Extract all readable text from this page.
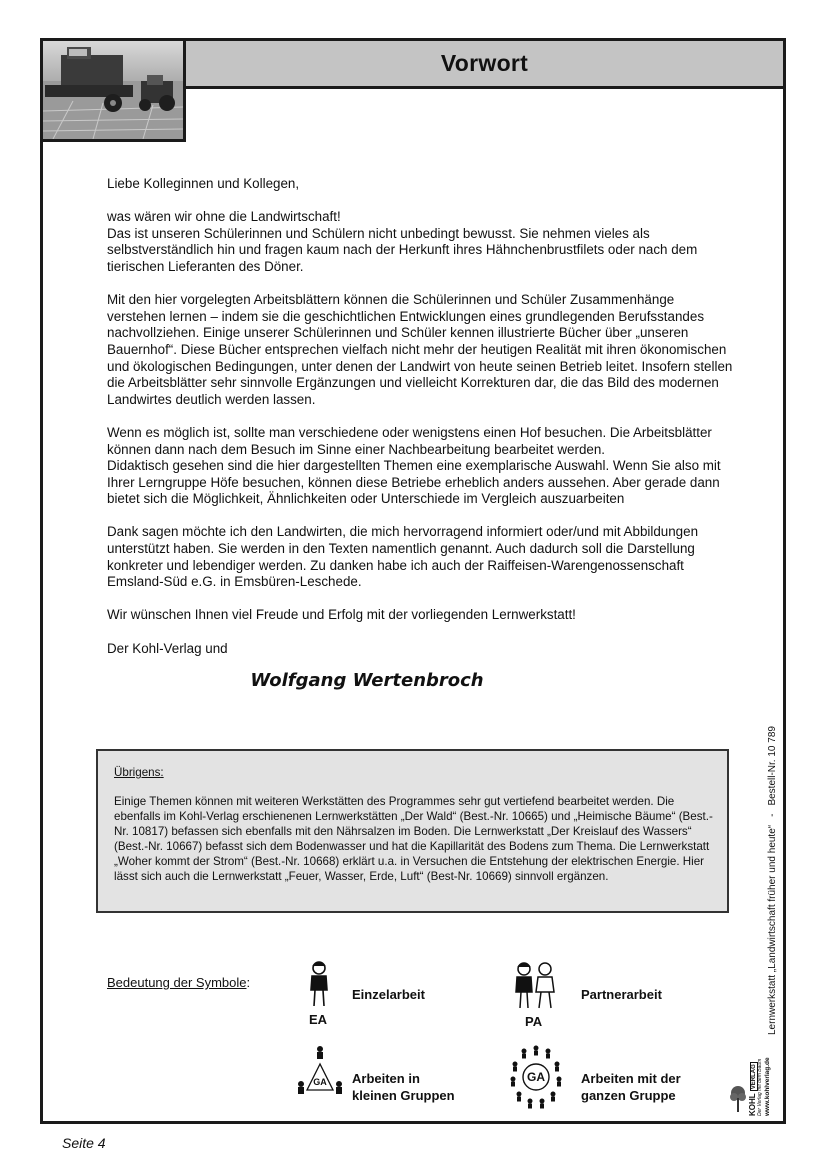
Vorwort

Liebe Kolleginnen und Kollegen,

was wären wir ohne die Landwirtschaft!
Das ist unseren Schülerinnen und Schülern nicht unbedingt bewusst. Sie nehmen vieles als selbstverständlich hin und fragen kaum nach der Herkunft ihres Hähnchenbrustfilets oder nach dem tierischen Lieferanten des Döner.

Mit den hier vorgelegten Arbeitsblättern können die Schülerinnen und Schüler Zusammenhänge verstehen lernen – indem sie die geschichtlichen Entwicklungen eines grundlegenden Berufsstandes nachvollziehen. Einige unserer Schülerinnen und Schüler kennen illustrierte Bücher über „unseren Bauernhof“. Diese Bücher entsprechen vielfach nicht mehr der heutigen Realität mit ihren ökonomischen und ökologischen Bedingungen, unter denen der Landwirt von heute seinen Betrieb leitet. Insofern stellen die Arbeitsblätter sehr sinnvolle Ergänzungen und vielleicht Korrekturen dar, die das Bild des modernen Landwirtes deutlich werden lassen.

Wenn es möglich ist, sollte man verschiedene oder wenigstens einen Hof besuchen. Die Arbeitsblätter können dann nach dem Besuch im Sinne einer Nachbearbeitung bearbeitet werden.
Didaktisch gesehen sind die hier dargestellten Themen eine exemplarische Auswahl. Wenn Sie also mit Ihrer Lerngruppe Höfe besuchen, können diese Betriebe erheblich anders aussehen. Aber gerade dann bietet sich die Möglichkeit, Ähnlichkeiten oder Unterschiede im Vergleich auszuarbeiten

Dank sagen möchte ich den Landwirten, die mich hervorragend informiert oder/und mit Abbildungen unterstützt haben. Sie werden in den Texten namentlich genannt. Auch dadurch soll die Darstellung konkreter und lebendiger werden. Zu danken habe ich auch der Raiffeisen-Warengenossenschaft Emsland-Süd e.G. in Emsbüren-Leschede.

Wir wünschen Ihnen viel Freude und Erfolg mit der vorliegenden Lernwerkstatt!

Der Kohl-Verlag und

Wolfgang Wertenbroch
Übrigens:
Einige Themen können mit weiteren Werkstätten des Programmes sehr gut vertiefend bearbeitet werden. Die ebenfalls im Kohl-Verlag erschienenen Lernwerkstätten „Der Wald“ (Best.-Nr. 10665) und „Heimische Bäume“ (Best.-Nr. 10817) befassen sich ebenfalls mit den Nährsalzen im Boden. Die Lernwerkstatt „Der Kreislauf des Wassers“ (Best.-Nr. 10667) befasst sich dem Bodenwasser und hat die Kapillarität des Bodens zum Thema. Die Lernwerkstatt „Woher kommt der Strom“ (Best.-Nr. 10668) erklärt u.a. in Versuchen die Entstehung der elektrischen Energie. Hier lässt sich auch die Lernwerkstatt „Feuer, Wasser, Erde, Luft“ (Best-Nr. 10669) sinnvoll ergänzen.
Bedeutung der Symbole:
EA
Einzelarbeit
PA
Partnerarbeit
GA	Arbeiten in kleinen Gruppen
GA	Arbeiten mit der ganzen Gruppe
Lernwerkstatt „Landwirtschaft früher und heute“-Bestell-Nr. 10 789
KOHL VERLAG Der Verlag mit dem Baum www.kohlverlag.de
Seite 4
